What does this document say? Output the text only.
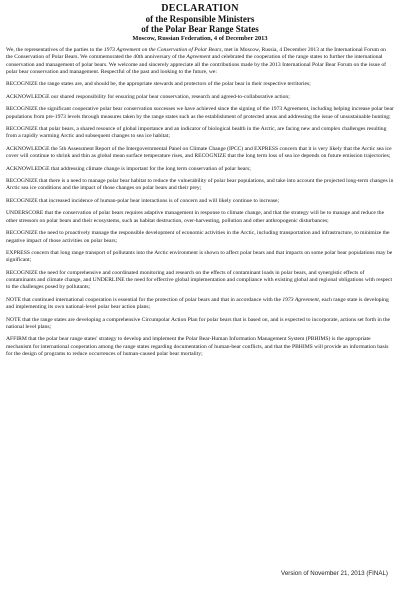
DECLARATION
of the Responsible Ministers
of the Polar Bear Range States
Moscow, Russian Federation, 4 of December 2013

We, the representatives of the parties to the 1973 Agreement on the Conservation of Polar Bears, met in Moscow, Russia, 4 December 2013 at the International Forum on the Conservation of Polar Bears. We commemorated the 40th anniversary of the Agreement and celebrated the cooperation of the range states to further the international conservation and management of polar bears. We welcome and sincerely appreciate all the contributions made by the 2013 International Polar Bear Forum on the issue of polar bear conservation and management. Respectful of the past and looking to the future, we:

RECOGNIZE the range states are, and should be, the appropriate stewards and protectors of the polar bear in their respective territories;

ACKNOWLEDGE our shared responsibility for ensuring polar bear conservation, research and agreed-to-collaborative action;

RECOGNIZE the significant cooperative polar bear conservation successes we have achieved since the signing of the 1973 Agreement, including helping increase polar bear populations from pre-1973 levels through measures taken by the range states such as the establishment of protected areas and addressing the issue of unsustainable hunting;

RECOGNIZE that polar bears, a shared resource of global importance and an indicator of biological health in the Arctic, are facing new and complex challenges resulting from a rapidly warming Arctic and subsequent changes to sea ice habitat;

ACKNOWLEDGE the 5th Assessment Report of the Intergovernmental Panel on Climate Change (IPCC) and EXPRESS concern that it is very likely that the Arctic sea ice cover will continue to shrink and thin as global mean surface temperature rises, and RECOGNIZE that the long term loss of sea ice depends on future emission trajectories;

ACKNOWLEDGE that addressing climate change is important for the long term conservation of polar bears;

RECOGNIZE that there is a need to manage polar bear habitat to reduce the vulnerability of polar bear populations, and take into account the projected long-term changes in Arctic sea ice conditions and the impact of those changes on polar bears and their prey;

RECOGNIZE that increased incidence of human-polar bear interactions is of concern and will likely continue to increase;

UNDERSCORE that the conservation of polar bears requires adaptive management in response to climate change, and that the strategy will be to manage and reduce the other stressors on polar bears and their ecosystems, such as habitat destruction, over-harvesting, pollution and other anthropogenic disturbances;

RECOGNIZE the need to proactively manage the responsible development of economic activities in the Arctic, including transportation and infrastructure, to minimize the negative impact of those activities on polar bears;

EXPRESS concern that long range transport of pollutants into the Arctic environment is shown to affect polar bears and that impacts on some polar bear populations may be significant;

RECOGNIZE the need for comprehensive and coordinated monitoring and research on the effects of contaminant loads in polar bears, and synergistic effects of contaminants and climate change, and UNDERLINE the need for effective global implementation and compliance with existing global and regional obligations with respect to the challenges posed by pollutants;

NOTE that continued international cooperation is essential for the protection of polar bears and that in accordance with the 1973 Agreement, each range state is developing and implementing its own national-level polar bear action plans;

NOTE that the range states are developing a comprehensive Circumpolar Action Plan for polar bears that is based on, and is expected to incorporate, actions set forth in the national level plans;

AFFIRM that the polar bear range states' strategy to develop and implement the Polar Bear-Human Information Management System (PBHIMS) is the appropriate mechanism for international cooperation among the range states regarding documentation of human-bear conflicts, and that the PBHIMS will provide an information basis for the design of programs to reduce occurrences of human-caused polar bear mortality;

Version of November 21, 2013 (FINAL)
